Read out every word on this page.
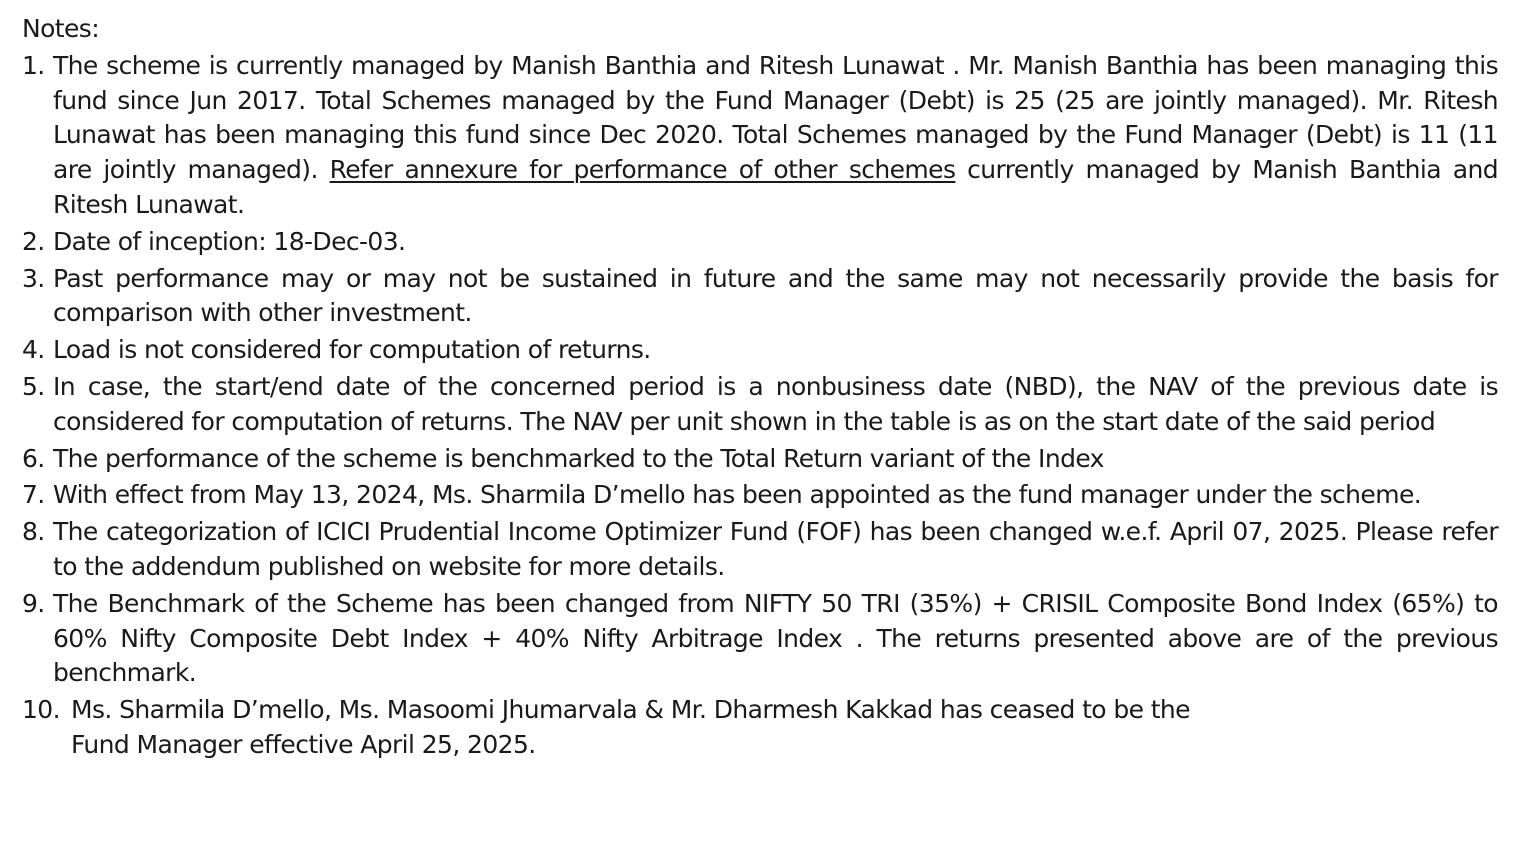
Notes:
1. The scheme is currently managed by Manish Banthia and Ritesh Lunawat . Mr. Manish Banthia has been managing this fund since Jun 2017. Total Schemes managed by the Fund Manager (Debt) is 25 (25 are jointly managed). Mr. Ritesh Lunawat has been managing this fund since Dec 2020. Total Schemes managed by the Fund Manager (Debt) is 11 (11 are jointly managed). Refer annexure for performance of other schemes currently managed by Manish Banthia and Ritesh Lunawat.
2. Date of inception: 18-Dec-03.
3. Past performance may or may not be sustained in future and the same may not necessarily provide the basis for comparison with other investment.
4. Load is not considered for computation of returns.
5. In case, the start/end date of the concerned period is a nonbusiness date (NBD), the NAV of the previous date is considered for computation of returns. The NAV per unit shown in the table is as on the start date of the said period
6. The performance of the scheme is benchmarked to the Total Return variant of the Index
7. With effect from May 13, 2024, Ms. Sharmila D’mello has been appointed as the fund manager under the scheme.
8. The categorization of ICICI Prudential Income Optimizer Fund (FOF) has been changed w.e.f. April 07, 2025. Please refer to the addendum published on website for more details.
9. The Benchmark of the Scheme has been changed from NIFTY 50 TRI (35%) + CRISIL Composite Bond Index (65%) to 60% Nifty Composite Debt Index + 40% Nifty Arbitrage Index . The returns presented above are of the previous benchmark.
10. Ms. Sharmila D’mello, Ms. Masoomi Jhumarvala & Mr. Dharmesh Kakkad has ceased to be the
Fund Manager effective April 25, 2025.
